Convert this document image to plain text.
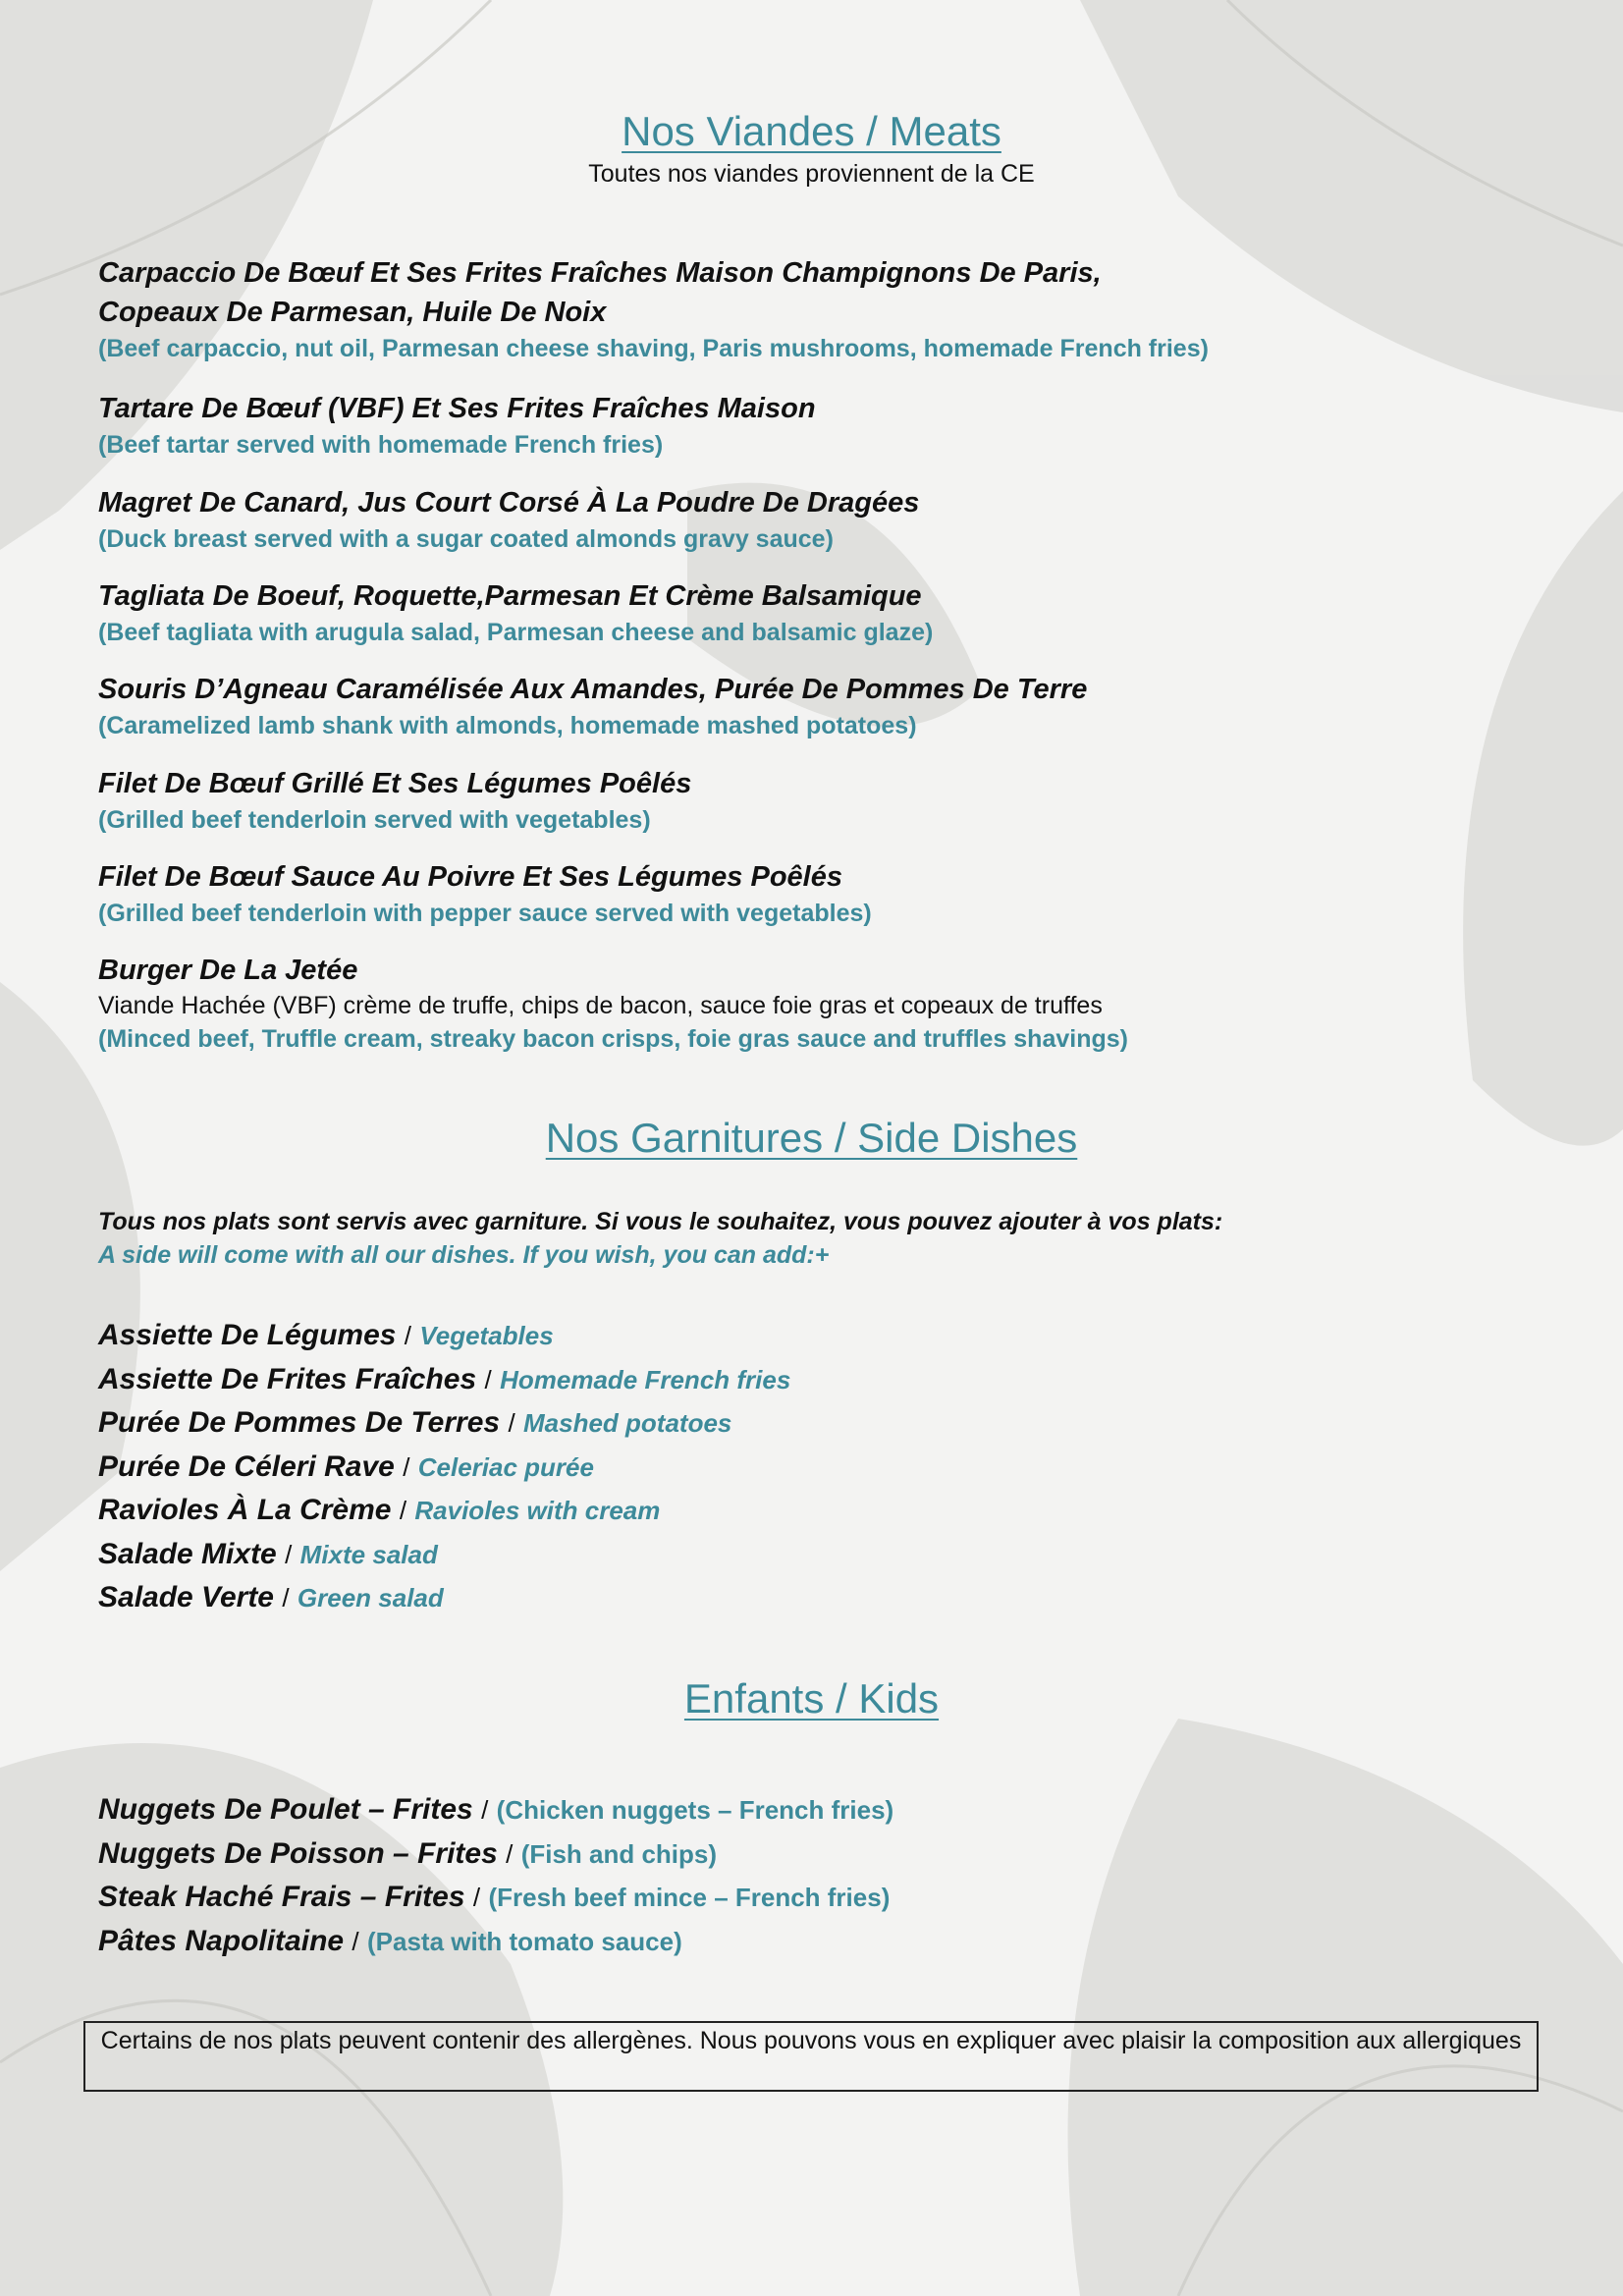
Nos Viandes / Meats
Toutes nos viandes proviennent de la CE
Nos Garnitures / Side Dishes
Tous nos plats sont servis avec garniture. Si vous le souhaitez, vous pouvez ajouter à vos plats:
A side will come with all our dishes. If you wish, you can add:+
Enfants / Kids
Certains de nos plats peuvent contenir des allergènes. Nous pouvons vous en expliquer avec plaisir la composition aux allergiques
Carpaccio De Bœuf Et Ses Frites Fraîches Maison Champignons De Paris,
Copeaux De Parmesan, Huile De Noix
(Beef carpaccio, nut oil, Parmesan cheese shaving, Paris mushrooms, homemade French fries)
Tartare De Bœuf (VBF) Et Ses Frites Fraîches Maison
(Beef tartar served with homemade French fries)
Magret De Canard, Jus Court Corsé À La Poudre De Dragées
(Duck breast served with a sugar coated almonds gravy sauce)
Tagliata De Boeuf, Roquette,Parmesan Et Crème Balsamique
(Beef tagliata with arugula salad, Parmesan cheese and balsamic glaze)
Souris D’Agneau Caramélisée Aux Amandes, Purée De Pommes De Terre
(Caramelized lamb shank with almonds, homemade mashed potatoes)
Filet De Bœuf Grillé Et Ses Légumes Poêlés
(Grilled beef tenderloin served with vegetables)
Filet De Bœuf Sauce Au Poivre Et Ses Légumes Poêlés
(Grilled beef tenderloin with pepper sauce served with vegetables)
Burger De La Jetée
Viande Hachée (VBF) crème de truffe, chips de bacon, sauce foie gras et copeaux de truffes
(Minced beef, Truffle cream, streaky bacon crisps, foie gras sauce and truffles shavings)
Assiette De Légumes / Vegetables
Assiette De Frites Fraîches / Homemade French fries
Purée De Pommes De Terres / Mashed potatoes
Purée De Céleri Rave / Celeriac purée
Ravioles À La Crème / Ravioles with cream
Salade Mixte / Mixte salad
Salade Verte / Green salad
Nuggets De Poulet – Frites / (Chicken nuggets – French fries)
Nuggets De Poisson – Frites / (Fish and chips)
Steak Haché Frais – Frites / (Fresh beef mince – French fries)
Pâtes Napolitaine / (Pasta with tomato sauce)
